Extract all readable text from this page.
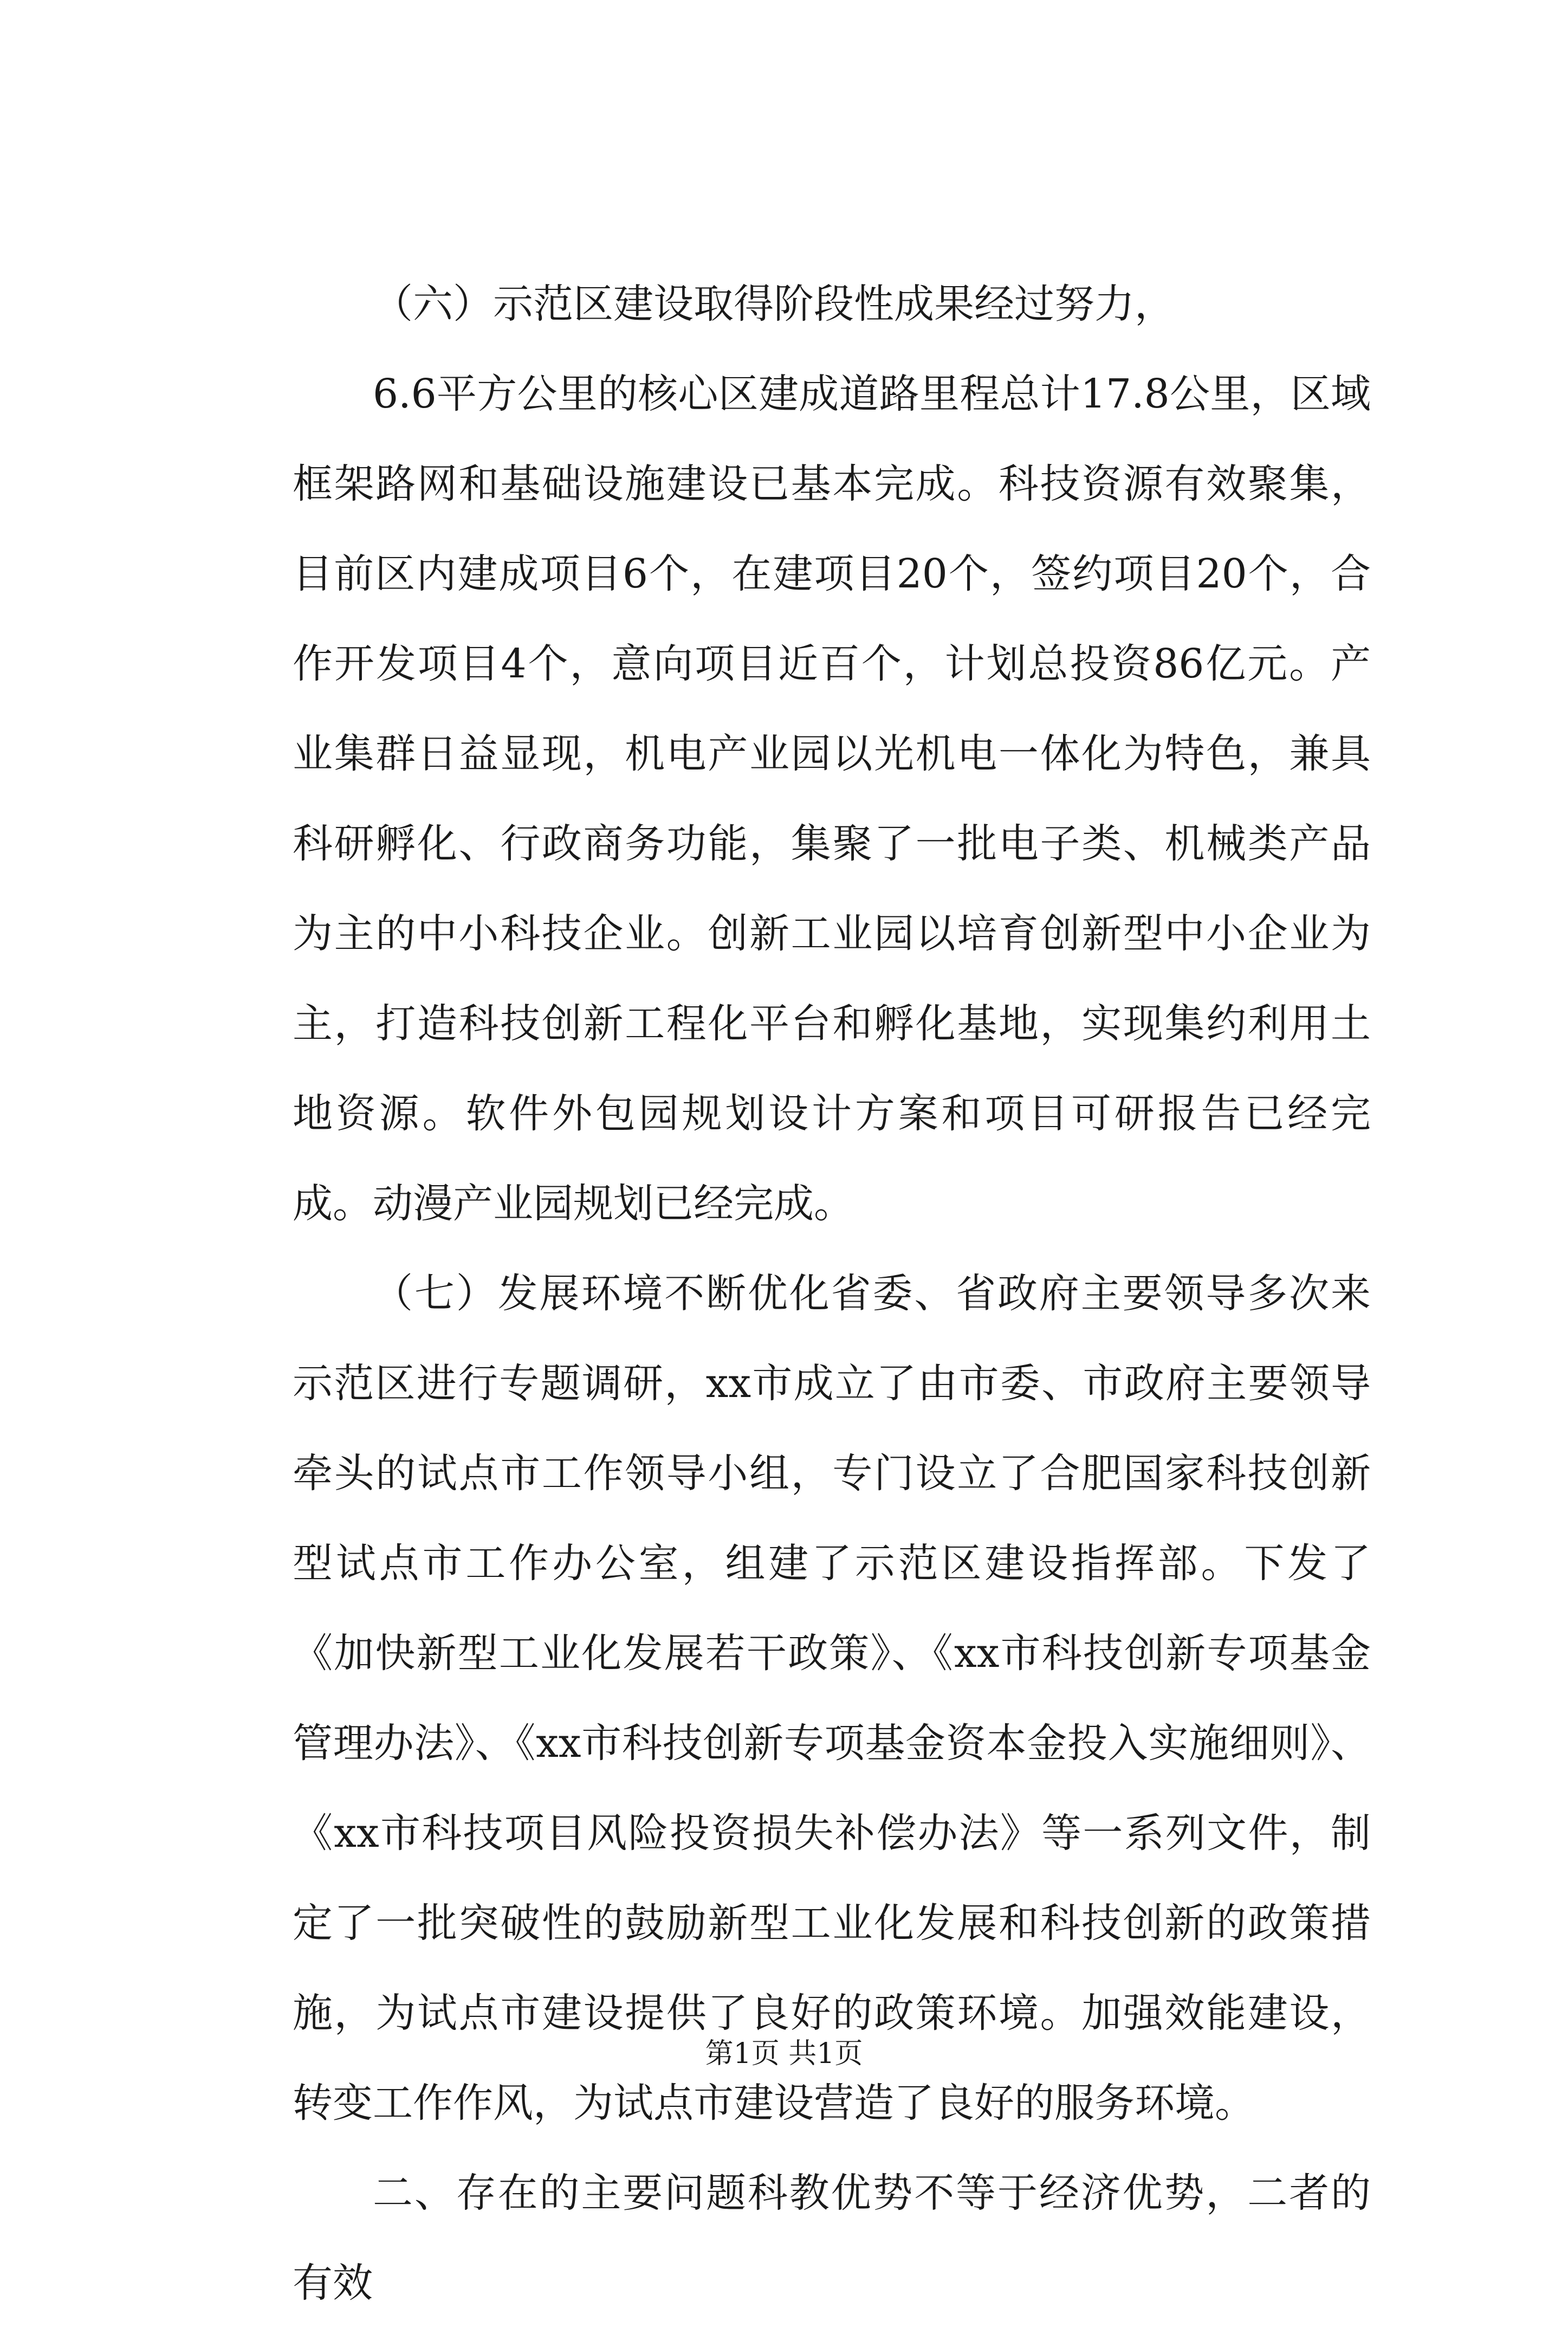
（六）示范区建设取得阶段性成果经过努力，

6.6平方公里的核心区建成道路里程总计17.8公里，区域框架路网和基础设施建设已基本完成。科技资源有效聚集，目前区内建成项目6个，在建项目20个，签约项目20个，合作开发项目4个，意向项目近百个，计划总投资86亿元。产业集群日益显现，机电产业园以光机电一体化为特色，兼具科研孵化、行政商务功能，集聚了一批电子类、机械类产品为主的中小科技企业。创新工业园以培育创新型中小企业为主，打造科技创新工程化平台和孵化基地，实现集约利用土地资源。软件外包园规划设计方案和项目可研报告已经完成。动漫产业园规划已经完成。

（七）发展环境不断优化省委、省政府主要领导多次来示范区进行专题调研，xx市成立了由市委、市政府主要领导牵头的试点市工作领导小组，专门设立了合肥国家科技创新型试点市工作办公室，组建了示范区建设指挥部。下发了《加快新型工业化发展若干政策》、《xx市科技创新专项基金管理办法》、《xx市科技创新专项基金资本金投入实施细则》、《xx市科技项目风险投资损失补偿办法》等一系列文件，制定了一批突破性的鼓励新型工业化发展和科技创新的政策措施，为试点市建设提供了良好的政策环境。加强效能建设，转变工作作风，为试点市建设营造了良好的服务环境。

二、存在的主要问题科教优势不等于经济优势，二者的有效

第1页 共1页
